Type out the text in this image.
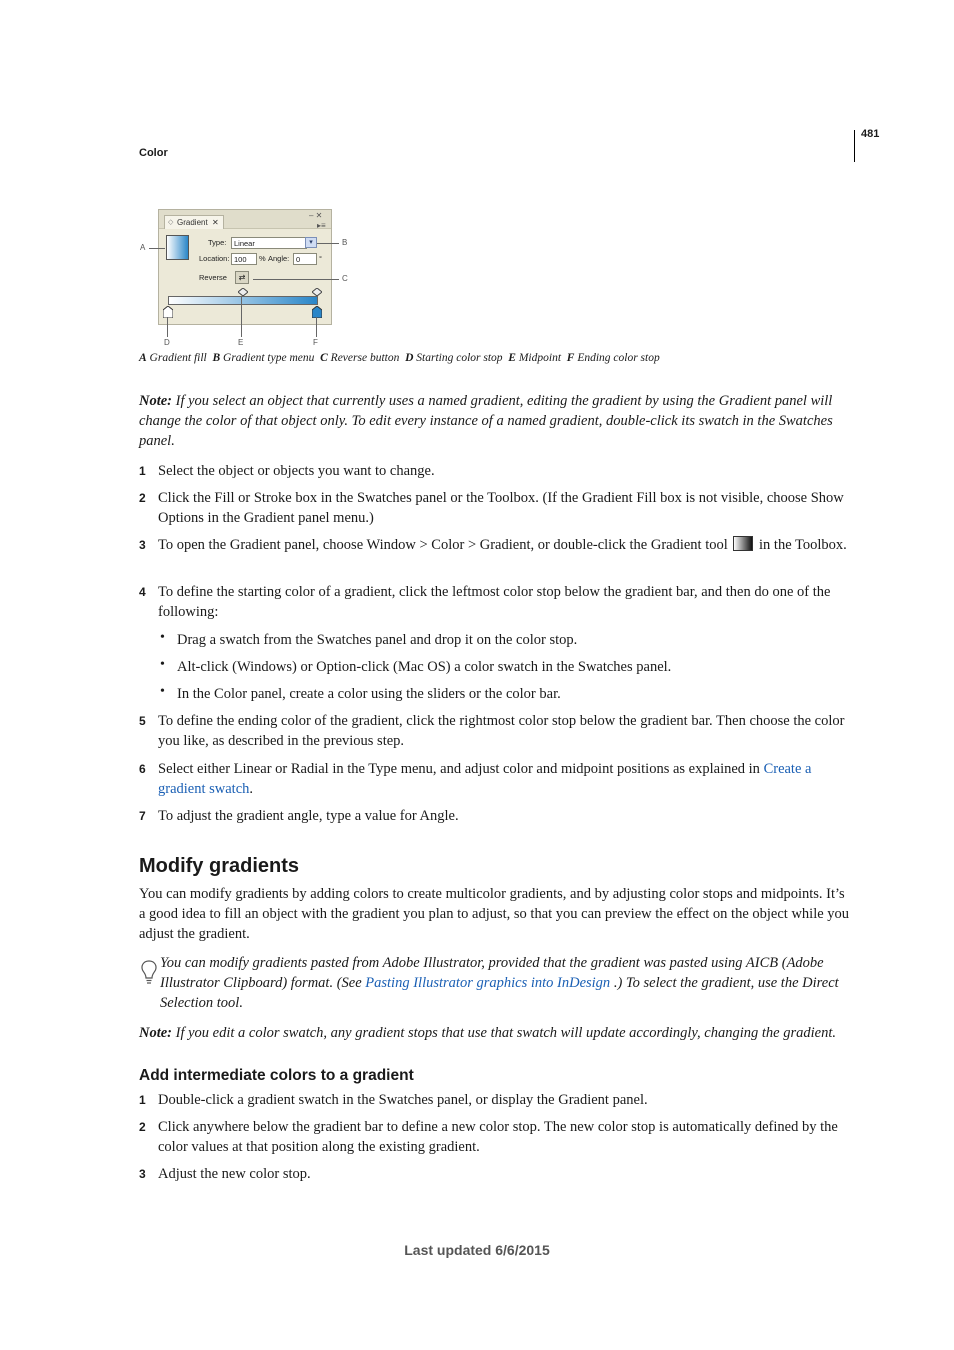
481
Color
◇ Gradient ✕
– ✕
▸≡
Type:	Linear	▾
Location: 100	% Angle: 0	°
Reverse	⇄
A
B
C
D	E	F
A Gradient fill B Gradient type menu C Reverse button D Starting color stop E Midpoint F Ending color stop
Note: If you select an object that currently uses a named gradient, editing the gradient by using the Gradient panel will change the color of that object only. To edit every instance of a named gradient, double-click its swatch in the Swatches panel.
1 Select the object or objects you want to change.
2 Click the Fill or Stroke box in the Swatches panel or the Toolbox. (If the Gradient Fill box is not visible, choose Show Options in the Gradient panel menu.)
3 To open the Gradient panel, choose Window > Color > Gradient, or double-click the Gradient tool in the Toolbox.
4 To define the starting color of a gradient, click the leftmost color stop below the gradient bar, and then do one of the following:
• Drag a swatch from the Swatches panel and drop it on the color stop.
• Alt-click (Windows) or Option-click (Mac OS) a color swatch in the Swatches panel.
• In the Color panel, create a color using the sliders or the color bar.
5 To define the ending color of the gradient, click the rightmost color stop below the gradient bar. Then choose the color you like, as described in the previous step.
6 Select either Linear or Radial in the Type menu, and adjust color and midpoint positions as explained in Create a gradient swatch.
7 To adjust the gradient angle, type a value for Angle.
Modify gradients
You can modify gradients by adding colors to create multicolor gradients, and by adjusting color stops and midpoints. It’s a good idea to fill an object with the gradient you plan to adjust, so that you can preview the effect on the object while you adjust the gradient.
You can modify gradients pasted from Adobe Illustrator, provided that the gradient was pasted using AICB (Adobe Illustrator Clipboard) format. (See Pasting Illustrator graphics into InDesign .) To select the gradient, use the Direct Selection tool.
Note: If you edit a color swatch, any gradient stops that use that swatch will update accordingly, changing the gradient.
Add intermediate colors to a gradient
1 Double-click a gradient swatch in the Swatches panel, or display the Gradient panel.
2 Click anywhere below the gradient bar to define a new color stop. The new color stop is automatically defined by the color values at that position along the existing gradient.
3 Adjust the new color stop.
Last updated 6/6/2015
